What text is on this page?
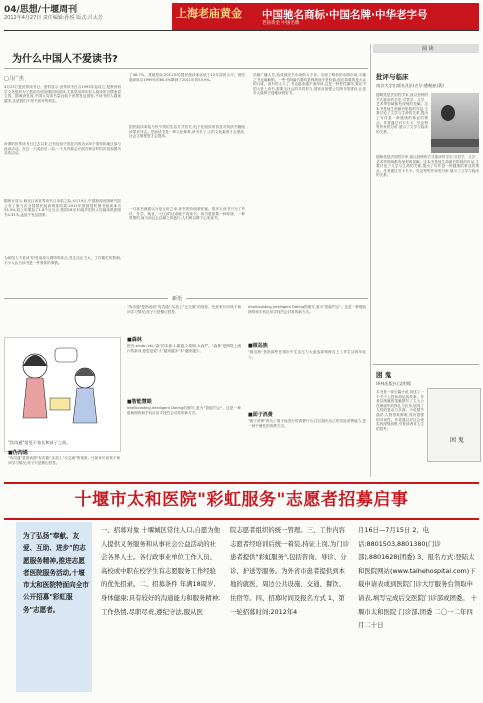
04/思想/十堰周刊
2012年4月27日 责任编辑:孙悦 版式:吕太芳	上海老庙黄金 中国驰名商标·中国名牌·中华老字号
老庙黄金 中国名牌
为什么中国人不爱读书?
□马广杰
4月23日是世界读书日。资料显示,世界读书日自1995年起设立,是教育科学文化组织为了鼓励各国加强国民阅读,尤其是培养年轻人阅读的习惯而设立的。据调查发现,中国人均读书量远低于世界发达国家,不读书的人越来越多,这是我们不得不面对的现实。
所谓的世界读书日过去以来,已有包括中国在内的近100个国家和地区参与此项活动。在这一天或前后一周,一个月内都会开展各种各样的庆祝和图书宣传活动。
据统计显示,截至目前世界读书日来临之际,4月19日,中国新闻出版研究院公布了第九次全国国民阅读调查结果:2011年我国国民图书阅读率为53.9%,较上年增加了1.6个百分点,我国18至70周岁国民人均阅读纸质图书4.35本,远低于发达国家。
为何国人不爱读书?受电视与网络的冲击,受生活压力大、工作繁忙的影响,不少人认为读书是一件奢侈的事情。
了48.7%。其就是说,2011年的国民阅读率远低于12年前的水平。国民阅读率从1999年的60.4%降到了2011年的53.9%。
国民阅读率低与快节奏的生活方式有关,电子化阅读的普及对纸质书籍阅读带来冲击。然而读书是一种文化修养,读书多了,人的文化素养才会提高,社会文明程度才会提高。
一旦读书就被认为是无用之举,读书的价值被怀疑。很多人读书只为了考试、升学、就业,一旦目的达成就不再读书。读书是需要一种环境、一种氛围的,而当前社会浮躁之风盛行,人们难以静下心来读书。
出版广播人员,造成国民书市场供大于求。出现了畸形的出版市场,平庸之书也能畅销。一些书商编书要的是利润而不是价值,他们看重的是大众的口味。读书的人少了,书也越来越不值得读,这是一种恶性循环,要让中国人爱上读书,需要全社会的共同努力,国家应加强公共图书馆建设,让更多人能够方便地读到好书。
新语
"伪沟通"常见于家长和孩子之间。
■伪沟通
"伪沟通"是指表面"有沟通",实质上"无交流"的现象。比如家长向孩子询问学习情况,孩子只是敷衍回答。
"伪沟通"是指表面"有沟通",实质上"无交流"的现象。比如家长向孩子询问学习情况,孩子只是敷衍回答。
■森林
拼音:zhuǎn zǎi,"森"的本意:1.繁盛,2.阴暗,3.森严。"森林"是网络上流行的新词,意思是说"人"越来越多"木"越来越少。
■智能慧眼
Intelliudating,Intelligent Dating的缩写,意为"智能约会"。这是一种借助网络和手机应用寻找约会对象的新方式。
Intelliudating,Intelligent Dating的缩写,意为"智能约会"。这是一种借助网络和手机应用寻找约会对象的新方式。
■植岛族
"植岛族"是指那些在城市中生活压力大而选择到海岛上工作生活的年轻人。
■面子消费
"面子消费"指为了面子而进行的消费行为,往往超出自己的实际消费能力,是一种不理性的消费方式。
阅 读
批评与临床
南京大学出版社/(法)吉尔·德勒兹(著)
德勒兹是法国哲学家,他以独特的方式重读哲学史,对哲学、文学、艺术等领域都有深刻的见解。这本书是他生命最后阶段的作品,主要讨论了文学与生命的关系,提出了写作是一种健康的事业的观点。作者通过对卡夫卡、贝克特等作家的分析,展示了文学与临床的关系。
德勒兹是法国哲学家,他以独特的方式重读哲学史,对哲学、文学、艺术等领域都有深刻的见解。这本书是他生命最后阶段的作品,主要讨论了文学与生命的关系,提出了写作是一种健康的事业的观点。作者通过对卡夫卡、贝克特等作家的分析,展示了文学与临床的关系。
困 鬼
译林出版社/文明熙
困 鬼
本书是一部长篇小说,讲述了一个关于人性和命运的故事。作者以细腻的笔触描写了主人公在困境中的挣扎与抗争,展现了人性的复杂与多面。小说情节曲折,人物形象鲜明,具有很强的可读性。作者通过对社会现实的深刻洞察,引发读者对人生的思考。
十堰市太和医院"彩虹服务"志愿者招募启事
为了弘扬"奉献、友爱、互助、进步"的志愿服务精神,推进志愿者医院服务活动,十堰市太和医院特面向全市公开招募"彩虹服务"志愿者。
一、招募对象 十堰城区常住人口,自愿为他人提供义务服务和从事社会公益活动的社会各界人士。各行政事业单位工作人员、高校或中职在校学生有志愿服务工作经验的优先招录。二、招募条件 年满18周岁,身体健康;具有较好的沟通能力和服务精神;工作热情,尽职尽责,遵纪守法,服从医
院志愿者组织的统一管理。三、工作内容 志愿者经培训后统一着装,持证上岗,为门诊患者提供"彩虹服务",包括咨询、导诊、分诊、护送等服务。为外省市患者提供到本地的就医、周边公共设施、交通、餐饮、住宿等。四、招募时间及报名方式 1、第一轮招募时间:2012年4
月16日—7月15日 2、电话:8801503,8801380(门诊部),8801628(团委) 3、报名方式:登陆太和医院网站(www.taihehospital.com)下载申请表或到医院门诊大厅服务台领取申请表,填写完成后交医院门诊部或团委。 十堰市太和医院 门诊部,团委 二〇一二年四月二十日
